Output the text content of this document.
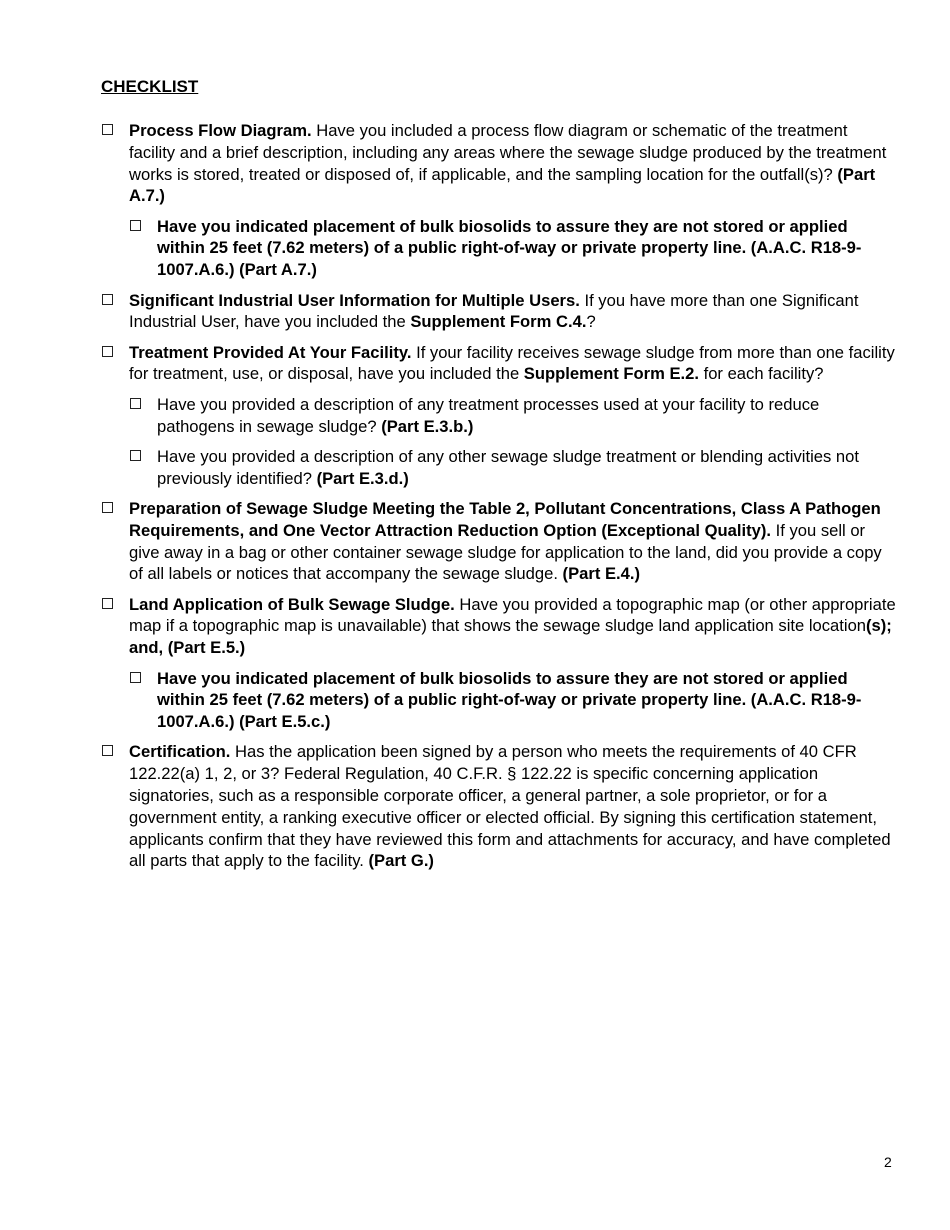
CHECKLIST
Process Flow Diagram. Have you included a process flow diagram or schematic of the treatment facility and a brief description, including any areas where the sewage sludge produced by the treatment works is stored, treated or disposed of, if applicable, and the sampling location for the outfall(s)? (Part A.7.)
Have you indicated placement of bulk biosolids to assure they are not stored or applied within 25 feet (7.62 meters) of a public right-of-way or private property line. (A.A.C. R18-9-1007.A.6.) (Part A.7.)
Significant Industrial User Information for Multiple Users. If you have more than one Significant Industrial User, have you included the Supplement Form C.4.?
Treatment Provided At Your Facility. If your facility receives sewage sludge from more than one facility for treatment, use, or disposal, have you included the Supplement Form E.2. for each facility?
Have you provided a description of any treatment processes used at your facility to reduce pathogens in sewage sludge? (Part E.3.b.)
Have you provided a description of any other sewage sludge treatment or blending activities not previously identified? (Part E.3.d.)
Preparation of Sewage Sludge Meeting the Table 2, Pollutant Concentrations, Class A Pathogen Requirements, and One Vector Attraction Reduction Option (Exceptional Quality). If you sell or give away in a bag or other container sewage sludge for application to the land, did you provide a copy of all labels or notices that accompany the sewage sludge. (Part E.4.)
Land Application of Bulk Sewage Sludge. Have you provided a topographic map (or other appropriate map if a topographic map is unavailable) that shows the sewage sludge land application site location(s); and, (Part E.5.)
Have you indicated placement of bulk biosolids to assure they are not stored or applied within 25 feet (7.62 meters) of a public right-of-way or private property line. (A.A.C. R18-9-1007.A.6.) (Part E.5.c.)
Certification. Has the application been signed by a person who meets the requirements of 40 CFR 122.22(a) 1, 2, or 3? Federal Regulation, 40 C.F.R. § 122.22 is specific concerning application signatories, such as a responsible corporate officer, a general partner, a sole proprietor, or for a government entity, a ranking executive officer or elected official. By signing this certification statement, applicants confirm that they have reviewed this form and attachments for accuracy, and have completed all parts that apply to the facility. (Part G.)
2
